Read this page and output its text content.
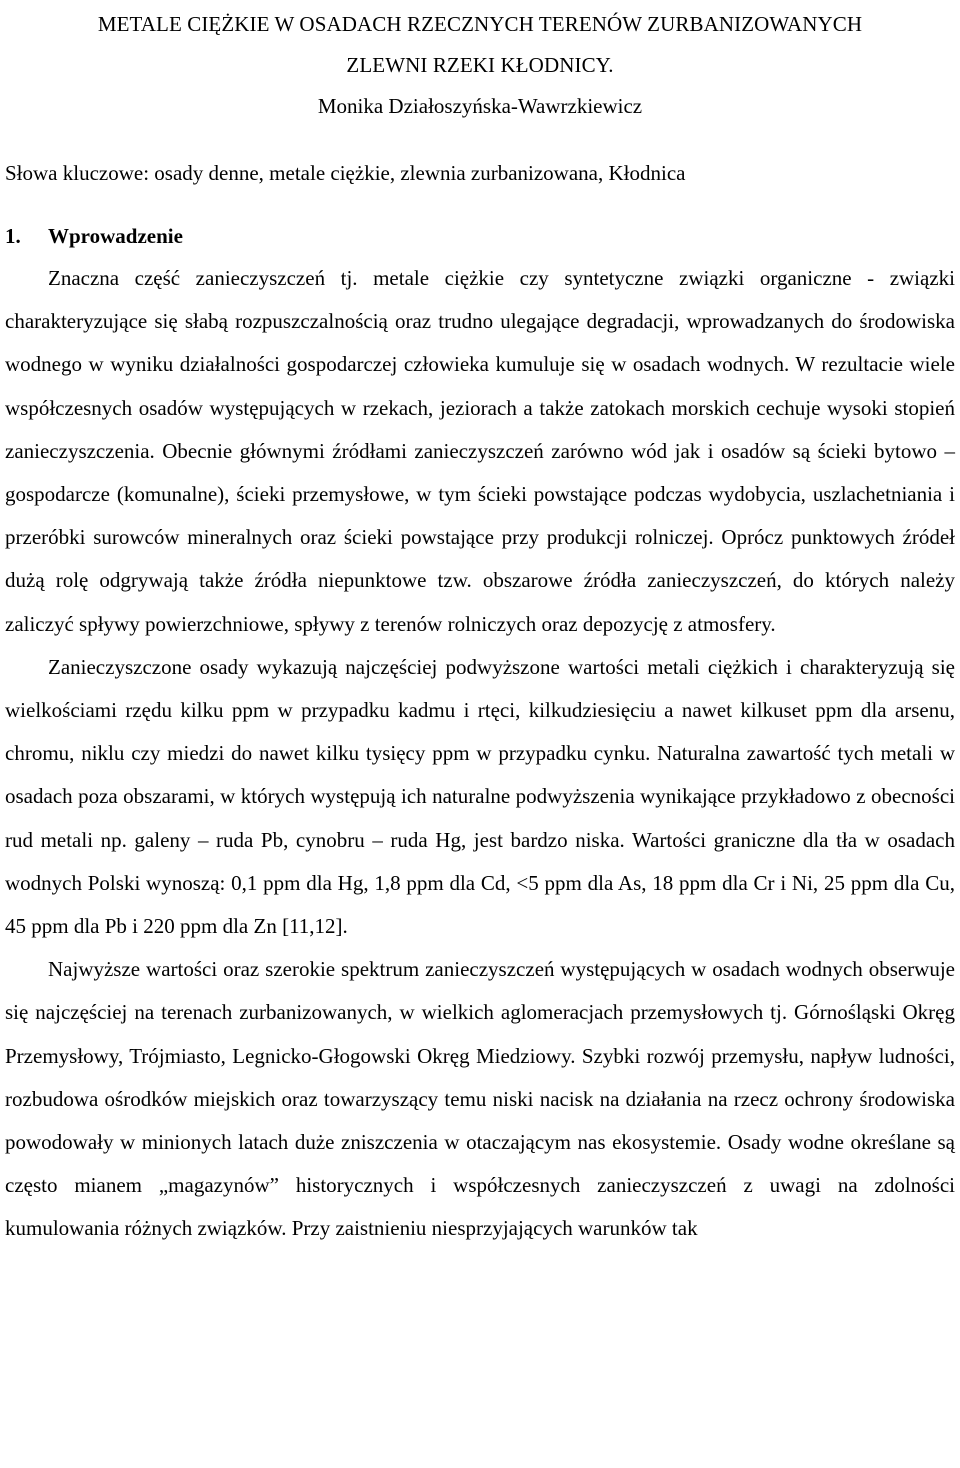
METALE CIĘŻKIE W OSADACH RZECZNYCH TERENÓW ZURBANIZOWANYCH
ZLEWNI RZEKI KŁODNICY.

Monika Działoszyńska-Wawrzkiewicz

Słowa kluczowe: osady denne, metale ciężkie, zlewnia zurbanizowana, Kłodnica

1. Wprowadzenie

Znaczna część zanieczyszczeń tj. metale ciężkie czy syntetyczne związki organiczne - związki charakteryzujące się słabą rozpuszczalnością oraz trudno ulegające degradacji, wprowadzanych do środowiska wodnego w wyniku działalności gospodarczej człowieka kumuluje się w osadach wodnych. W rezultacie wiele współczesnych osadów występujących w rzekach, jeziorach a także zatokach morskich cechuje wysoki stopień zanieczyszczenia. Obecnie głównymi źródłami zanieczyszczeń zarówno wód jak i osadów są ścieki bytowo – gospodarcze (komunalne), ścieki przemysłowe, w tym ścieki powstające podczas wydobycia, uszlachetniania i przeróbki surowców mineralnych oraz ścieki powstające przy produkcji rolniczej. Oprócz punktowych źródeł dużą rolę odgrywają także źródła niepunktowe tzw. obszarowe źródła zanieczyszczeń, do których należy zaliczyć spływy powierzchniowe, spływy z terenów rolniczych oraz depozycję z atmosfery.

Zanieczyszczone osady wykazują najczęściej podwyższone wartości metali ciężkich i charakteryzują się wielkościami rzędu kilku ppm w przypadku kadmu i rtęci, kilkudziesięciu a nawet kilkuset ppm dla arsenu, chromu, niklu czy miedzi do nawet kilku tysięcy ppm w przypadku cynku. Naturalna zawartość tych metali w osadach poza obszarami, w których występują ich naturalne podwyższenia wynikające przykładowo z obecności rud metali np. galeny – ruda Pb, cynobru – ruda Hg, jest bardzo niska. Wartości graniczne dla tła w osadach wodnych Polski wynoszą: 0,1 ppm dla Hg, 1,8 ppm dla Cd, <5 ppm dla As, 18 ppm dla Cr i Ni, 25 ppm dla Cu, 45 ppm dla Pb i 220 ppm dla Zn [11,12].

Najwyższe wartości oraz szerokie spektrum zanieczyszczeń występujących w osadach wodnych obserwuje się najczęściej na terenach zurbanizowanych, w wielkich aglomeracjach przemysłowych tj. Górnośląski Okręg Przemysłowy, Trójmiasto, Legnicko-Głogowski Okręg Miedziowy. Szybki rozwój przemysłu, napływ ludności, rozbudowa ośrodków miejskich oraz towarzyszący temu niski nacisk na działania na rzecz ochrony środowiska powodowały w minionych latach duże zniszczenia w otaczającym nas ekosystemie. Osady wodne określane są często mianem „magazynów” historycznych i współczesnych zanieczyszczeń z uwagi na zdolności kumulowania różnych związków. Przy zaistnieniu niesprzyjających warunków tak
